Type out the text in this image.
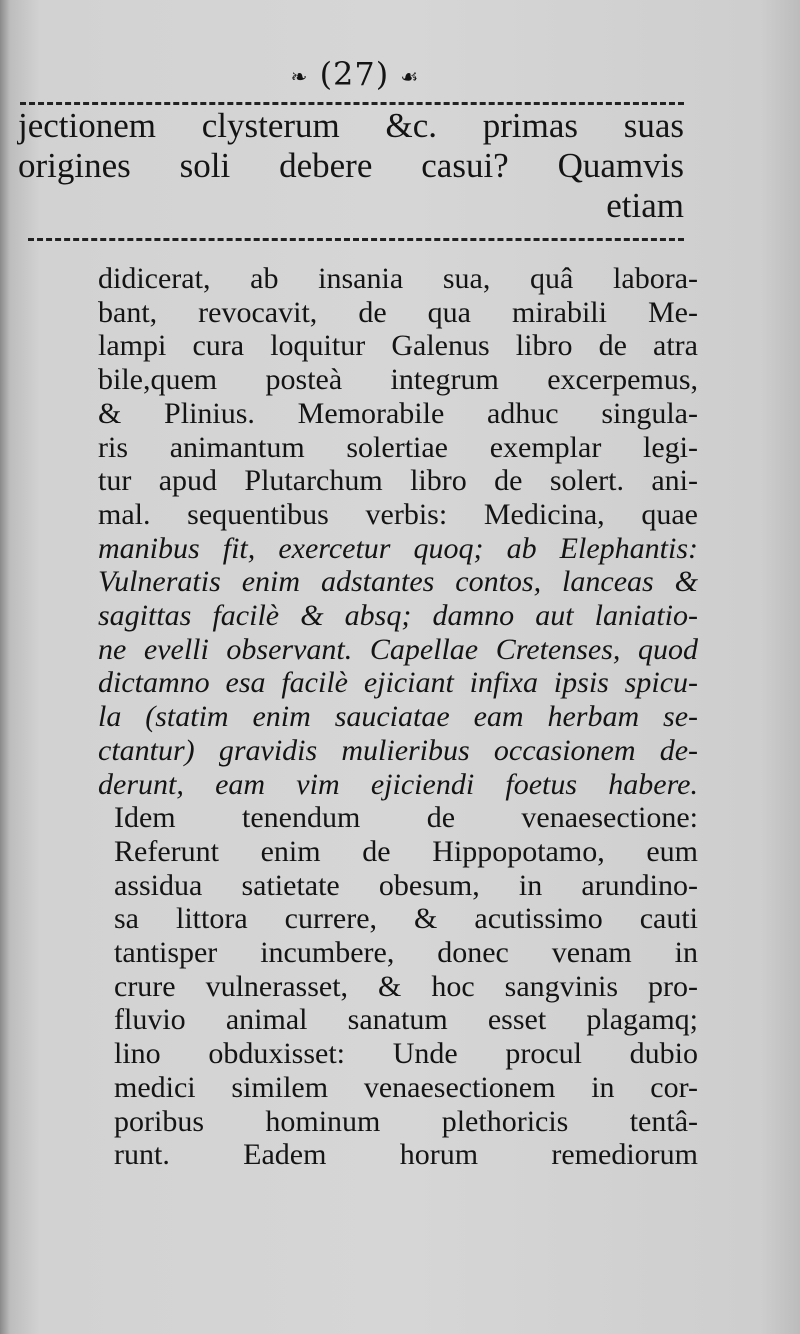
❧ (27) ☙
jectionem clysterum &c. primas suas
origines soli debere casui? Quamvis
etiam
didicerat, ab insania sua, quâ labora-
bant, revocavit, de qua mirabili Me-
lampi cura loquitur Galenus libro de atra
bile,quem posteà integrum excerpemus,
& Plinius. Memorabile adhuc singula-
ris animantum solertiae exemplar legi-
tur apud Plutarchum libro de solert. ani-
mal. sequentibus verbis: Medicina, quae
manibus fit, exercetur quoq; ab Elephantis:
Vulneratis enim adstantes contos, lanceas &
sagittas facilè & absq; damno aut laniatio-
ne evelli observant. Capellae Cretenses, quod
dictamno esa facilè ejiciant infixa ipsis spicu-
la (statim enim sauciatae eam herbam se-
ctantur) gravidis mulieribus occasionem de-
derunt, eam vim ejiciendi foetus habere.
Idem tenendum de venaesectione:
Referunt enim de Hippopotamo, eum
assidua satietate obesum, in arundino-
sa littora currere, & acutissimo cauti
tantisper incumbere, donec venam in
crure vulnerasset, & hoc sangvinis pro-
fluvio animal sanatum esset plagamq;
lino obduxisset: Unde procul dubio
medici similem venaesectionem in cor-
poribus hominum plethoricis tentâ-
runt. Eadem horum remediorum
